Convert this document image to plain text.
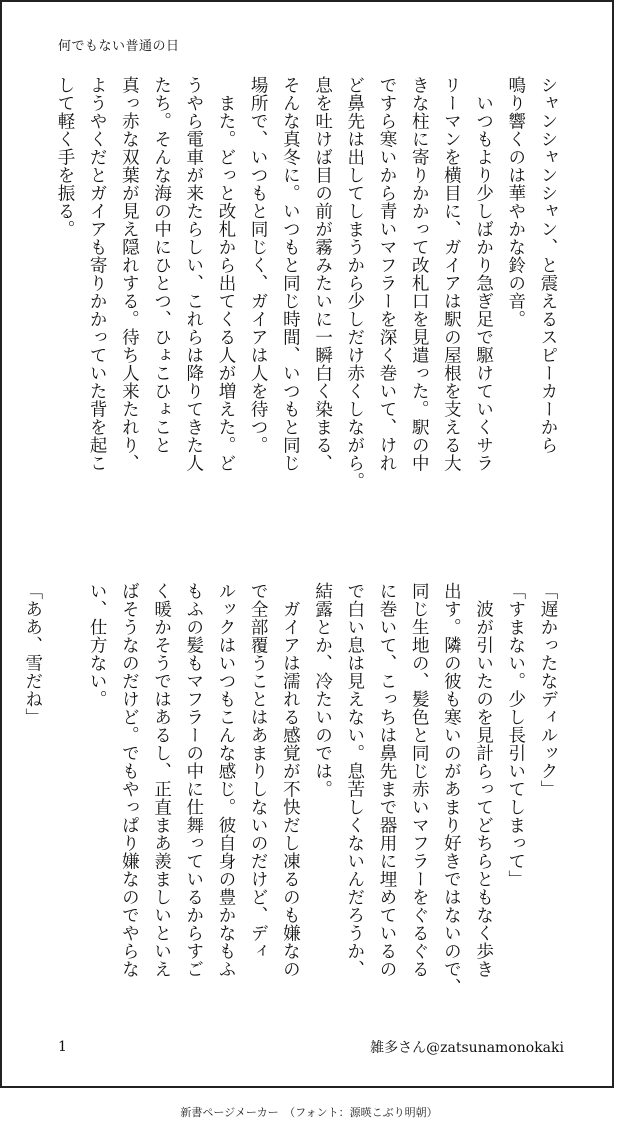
何でもない普通の日
シャンシャンシャン、と震えるスピーカーから
鳴り響くのは華やかな鈴の音。
　いつもより少しばかり急ぎ足で駆けていくサラ
リーマンを横目に、ガイアは駅の屋根を支える大
きな柱に寄りかかって改札口を見遣った。駅の中
ですら寒いから青いマフラーを深く巻いて、けれ
ど鼻先は出してしまうから少しだけ赤くしながら。
息を吐けば目の前が霧みたいに一瞬白く染まる、
そんな真冬に。いつもと同じ時間、いつもと同じ
場所で、いつもと同じく、ガイアは人を待つ。
　また。どっと改札から出てくる人が増えた。ど
うやら電車が来たらしい、これらは降りてきた人
たち。そんな海の中にひとつ、ひょこひょこと
真っ赤な双葉が見え隠れする。待ち人来たれり、
ようやくだとガイアも寄りかかっていた背を起こ
して軽く手を振る。
「遅かったなディルック」
「すまない。少し長引いてしまって」
　波が引いたのを見計らってどちらともなく歩き
出す。隣の彼も寒いのがあまり好きではないので、
同じ生地の、髪色と同じ赤いマフラーをぐるぐる
に巻いて、こっちは鼻先まで器用に埋めているの
で白い息は見えない。息苦しくないんだろうか、
結露とか、冷たいのでは。
　ガイアは濡れる感覚が不快だし凍るのも嫌なの
で全部覆うことはあまりしないのだけど、ディ
ルックはいつもこんな感じ。彼自身の豊かなもふ
もふの髪もマフラーの中に仕舞っているからすご
く暖かそうではあるし、正直まあ羨ましいといえ
ばそうなのだけど。でもやっぱり嫌なのでやらな
い、仕方ない。

「ああ、雪だね」
1	雑多さん@zatsunamonokaki
新書ページメーカー　（フォント：源暎こぶり明朝）
